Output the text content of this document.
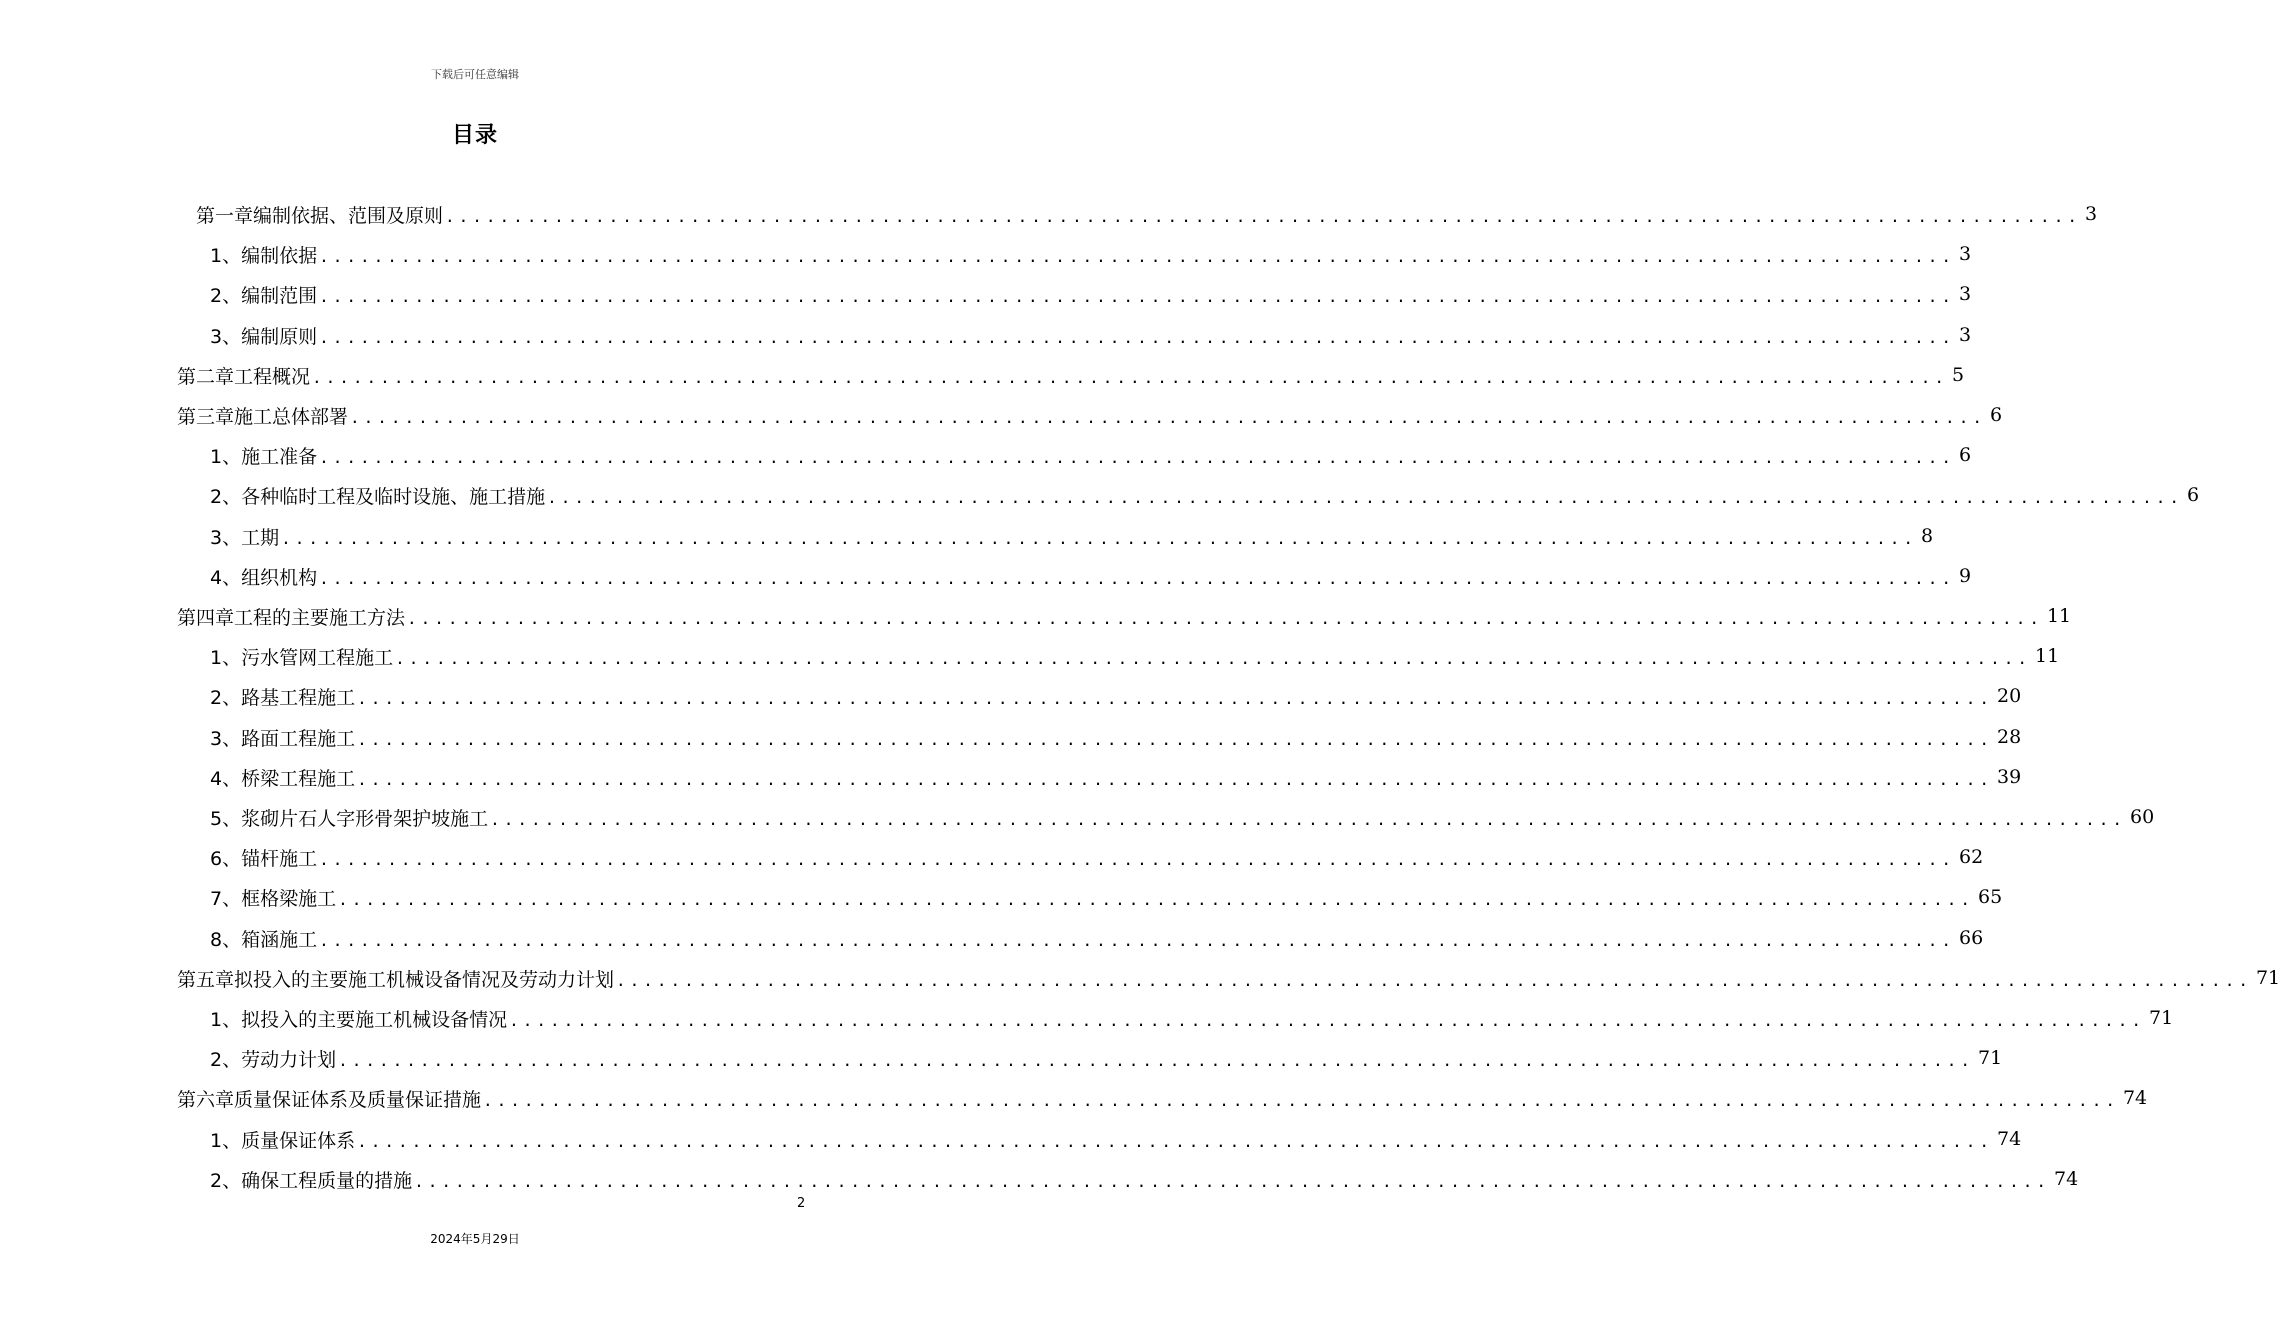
下载后可任意编辑
目录
第一章编制依据、范围及原则 ........................................................................................................................ 3
1、编制依据 ........................................................................................................................ 3
2、编制范围 ........................................................................................................................ 3
3、编制原则 ........................................................................................................................ 3
第二章工程概况 ........................................................................................................................ 5
第三章施工总体部署 ........................................................................................................................ 6
1、施工准备 ........................................................................................................................ 6
2、各种临时工程及临时设施、施工措施 ........................................................................................................................ 6
3、工期 ........................................................................................................................ 8
4、组织机构 ........................................................................................................................ 9
第四章工程的主要施工方法 ........................................................................................................................ 11
1、污水管网工程施工 ........................................................................................................................ 11
2、路基工程施工 ........................................................................................................................ 20
3、路面工程施工 ........................................................................................................................ 28
4、桥梁工程施工 ........................................................................................................................ 39
5、浆砌片石人字形骨架护坡施工 ........................................................................................................................ 60
6、锚杆施工 ........................................................................................................................ 62
7、框格梁施工 ........................................................................................................................ 65
8、箱涵施工 ........................................................................................................................ 66
第五章拟投入的主要施工机械设备情况及劳动力计划 ........................................................................................................................ 71
1、拟投入的主要施工机械设备情况 ........................................................................................................................ 71
2、劳动力计划 ........................................................................................................................ 71
第六章质量保证体系及质量保证措施 ........................................................................................................................ 74
1、质量保证体系 ........................................................................................................................ 74
2、确保工程质量的措施 ........................................................................................................................ 74
2
2024年5月29日
